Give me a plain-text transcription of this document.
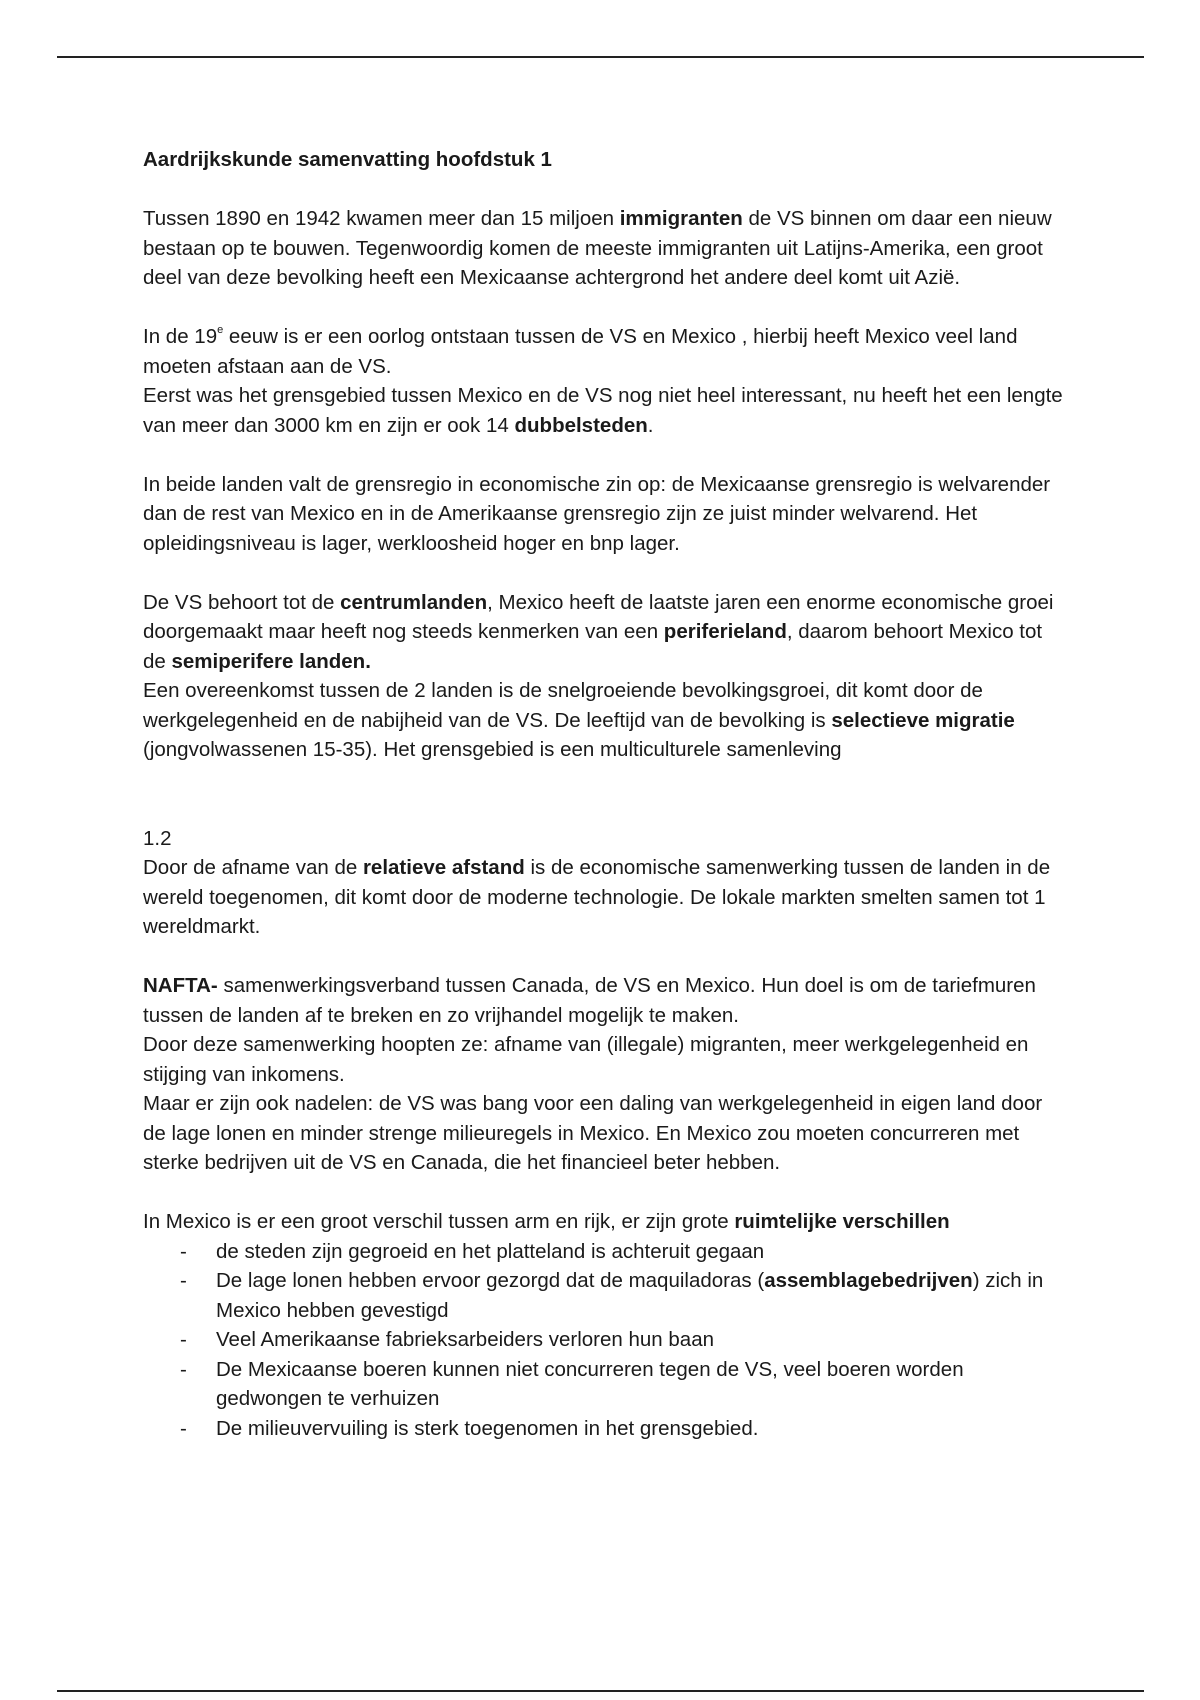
Aardrijkskunde samenvatting hoofdstuk 1

Tussen 1890 en 1942 kwamen meer dan 15 miljoen immigranten de VS binnen om daar een nieuw bestaan op te bouwen. Tegenwoordig komen de meeste immigranten uit Latijns-Amerika, een groot deel van deze bevolking heeft een Mexicaanse achtergrond het andere deel komt uit Azië.

In de 19e eeuw is er een oorlog ontstaan tussen de VS en Mexico , hierbij heeft Mexico veel land moeten afstaan aan de VS.

Eerst was het grensgebied tussen Mexico en de VS nog niet heel interessant, nu heeft het een lengte van meer dan 3000 km en zijn er ook 14 dubbelsteden.

In beide landen valt de grensregio in economische zin op: de Mexicaanse grensregio is welvarender dan de rest van Mexico en in de Amerikaanse grensregio zijn ze juist minder welvarend. Het opleidingsniveau is lager, werkloosheid hoger en bnp lager.

De VS behoort tot de centrumlanden, Mexico heeft de laatste jaren een enorme economische groei doorgemaakt maar heeft nog steeds kenmerken van een periferieland, daarom behoort Mexico tot de semiperifere landen.

Een overeenkomst tussen de 2 landen is de snelgroeiende bevolkingsgroei, dit komt door de werkgelegenheid en de nabijheid van de VS. De leeftijd van de bevolking is selectieve migratie (jongvolwassenen 15-35). Het grensgebied is een multiculturele samenleving

1.2

Door de afname van de relatieve afstand is de economische samenwerking tussen de landen in de wereld toegenomen, dit komt door de moderne technologie. De lokale markten smelten samen tot 1 wereldmarkt.

NAFTA- samenwerkingsverband tussen Canada, de VS en Mexico. Hun doel is om de tariefmuren tussen de landen af te breken en zo vrijhandel mogelijk te maken.

Door deze samenwerking hoopten ze: afname van (illegale) migranten, meer werkgelegenheid en stijging van inkomens.

Maar er zijn ook nadelen: de VS was bang voor een daling van werkgelegenheid in eigen land door de lage lonen en minder strenge milieuregels in Mexico. En Mexico zou moeten concurreren met sterke bedrijven uit de VS en Canada, die het financieel beter hebben.

In Mexico is er een groot verschil tussen arm en rijk, er zijn grote ruimtelijke verschillen

- de steden zijn gegroeid en het platteland is achteruit gegaan
- De lage lonen hebben ervoor gezorgd dat de maquiladoras (assemblagebedrijven) zich in Mexico hebben gevestigd
- Veel Amerikaanse fabrieksarbeiders verloren hun baan
- De Mexicaanse boeren kunnen niet concurreren tegen de VS, veel boeren worden gedwongen te verhuizen
- De milieuvervuiling is sterk toegenomen in het grensgebied.
